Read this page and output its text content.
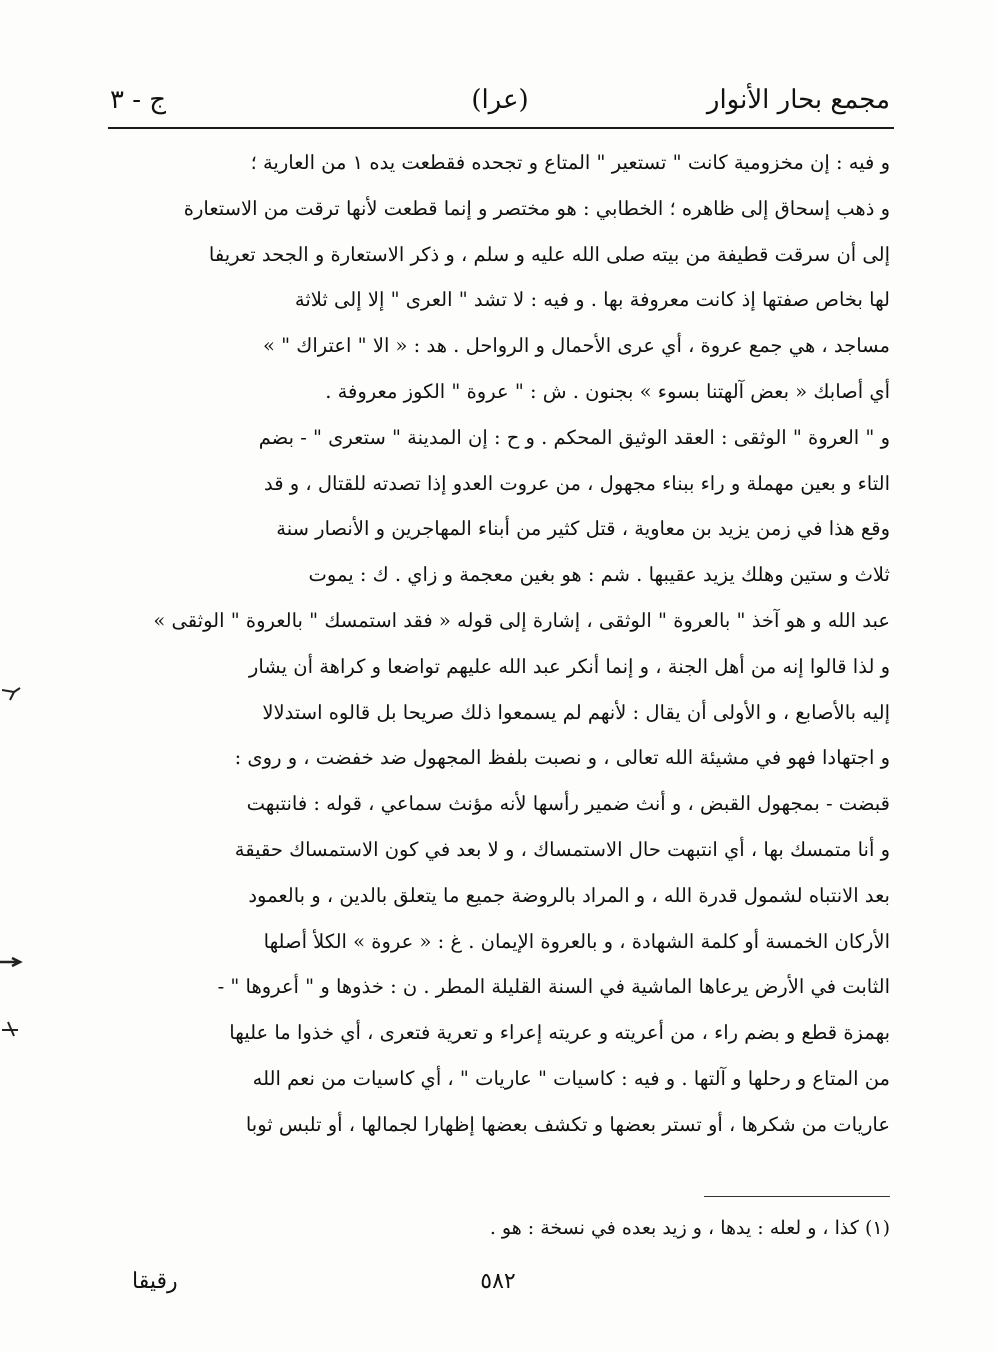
مجمع بحار الأنوار
(عرا)
ج - ٣
و فيه : إن مخزومية كانت " تستعير " المتاع و تجحده فقطعت يده ١ من العارية ؛
و ذهب إسحاق إلى ظاهره ؛ الخطابي : هو مختصر و إنما قطعت لأنها ترقت من الاستعارة
إلى أن سرقت قطيفة من بيته صلى الله عليه و سلم ، و ذكر الاستعارة و الجحد تعريفا
لها بخاص صفتها إذ كانت معروفة بها . و فيه : لا تشد " العرى " إلا إلى ثلاثة
مساجد ، هي جمع عروة ، أي عرى الأحمال و الرواحل . هد : « الا " اعتراك " »
أي أصابك « بعض آلهتنا بسوء » بجنون . ش : " عروة " الكوز معروفة .
و " العروة " الوثقى : العقد الوثيق المحكم . و ح : إن المدينة " ستعرى " - بضم
التاء و بعين مهملة و راء ببناء مجهول ، من عروت العدو إذا تصدته للقتال ، و قد
وقع هذا في زمن يزيد بن معاوية ، قتل كثير من أبناء المهاجرين و الأنصار سنة
ثلاث و ستين وهلك يزيد عقيبها . شم : هو بغين معجمة و زاي . ك : يموت
عبد الله و هو آخذ " بالعروة " الوثقى ، إشارة إلى قوله « فقد استمسك " بالعروة " الوثقى »
و لذا قالوا إنه من أهل الجنة ، و إنما أنكر عبد الله عليهم تواضعا و كراهة أن يشار
إليه بالأصابع ، و الأولى أن يقال : لأنهم لم يسمعوا ذلك صريحا بل قالوه استدلالا
و اجتهادا فهو في مشيئة الله تعالى ، و نصبت بلفظ المجهول ضد خفضت ، و روى :
قبضت - بمجهول القبض ، و أنث ضمير رأسها لأنه مؤنث سماعي ، قوله : فانتبهت
و أنا متمسك بها ، أي انتبهت حال الاستمساك ، و لا بعد في كون الاستمساك حقيقة
بعد الانتباه لشمول قدرة الله ، و المراد بالروضة جميع ما يتعلق بالدين ، و بالعمود
الأركان الخمسة أو كلمة الشهادة ، و بالعروة الإيمان . غ : « عروة » الكلأ أصلها
الثابت في الأرض يرعاها الماشية في السنة القليلة المطر . ن : خذوها و " أعروها " -
بهمزة قطع و بضم راء ، من أعريته و عريته إعراء و تعرية فتعرى ، أي خذوا ما عليها
من المتاع و رحلها و آلتها . و فيه : كاسيات " عاريات " ، أي كاسيات من نعم الله
عاريات من شكرها ، أو تستر بعضها و تكشف بعضها إظهارا لجمالها ، أو تلبس ثوبا
(١) كذا ، و لعله : يدها ، و زيد بعده في نسخة : هو .
٥٨٢
رقيقا
